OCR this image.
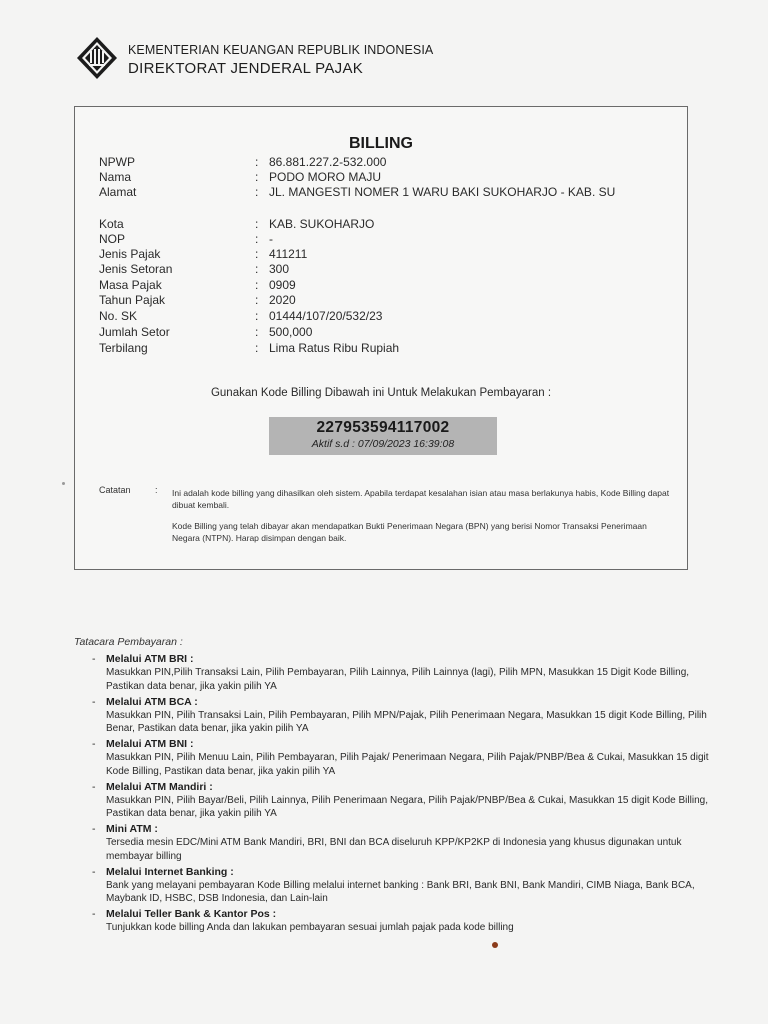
KEMENTERIAN KEUANGAN REPUBLIK INDONESIA
DIREKTORAT JENDERAL PAJAK
BILLING
NPWP	: 86.881.227.2-532.000
Nama	: PODO MORO MAJU
Alamat	: JL. MANGESTI NOMER 1 WARU BAKI SUKOHARJO - KAB. SU
Kota	: KAB. SUKOHARJO
NOP	: -
Jenis Pajak	: 411211
Jenis Setoran	: 300
Masa Pajak	: 0909
Tahun Pajak	: 2020
No. SK	: 01444/107/20/532/23
Jumlah Setor	: 500,000
Terbilang	: Lima Ratus Ribu Rupiah
Gunakan Kode Billing Dibawah ini Untuk Melakukan Pembayaran :
227953594117002
Aktif s.d : 07/09/2023 16:39:08
Catatan	: Ini adalah kode billing yang dihasilkan oleh sistem. Apabila terdapat kesalahan isian atau masa berlakunya habis, Kode Billing dapat dibuat kembali.
Kode Billing yang telah dibayar akan mendapatkan Bukti Penerimaan Negara (BPN) yang berisi Nomor Transaksi Penerimaan Negara (NTPN). Harap disimpan dengan baik.
Tatacara Pembayaran :
- Melalui ATM BRI :
Masukkan PIN,Pilih Transaksi Lain, Pilih Pembayaran, Pilih Lainnya, Pilih Lainnya (lagi), Pilih MPN, Masukkan 15 Digit Kode Billing, Pastikan data benar, jika yakin pilih YA
- Melalui ATM BCA :
Masukkan PIN, Pilih Transaksi Lain, Pilih Pembayaran, Pilih MPN/Pajak, Pilih Penerimaan Negara, Masukkan 15 digit Kode Billing, Pilih Benar, Pastikan data benar, jika yakin pilih YA
- Melalui ATM BNI :
Masukkan PIN, Pilih Menuu Lain, Pilih Pembayaran, Pilih Pajak/ Penerimaan Negara, Pilih Pajak/PNBP/Bea & Cukai, Masukkan 15 digit Kode Billing, Pastikan data benar, jika yakin pilih YA
- Melalui ATM Mandiri :
Masukkan PIN, Pilih Bayar/Beli, Pilih Lainnya, Pilih Penerimaan Negara, Pilih Pajak/PNBP/Bea & Cukai, Masukkan 15 digit Kode Billing, Pastikan data benar, jika yakin pilih YA
- Mini ATM :
Tersedia mesin EDC/Mini ATM Bank Mandiri, BRI, BNI dan BCA diseluruh KPP/KP2KP di Indonesia yang khusus digunakan untuk membayar billing
- Melalui Internet Banking :
Bank yang melayani pembayaran Kode Billing melalui internet banking : Bank BRI, Bank BNI, Bank Mandiri, CIMB Niaga, Bank BCA, Maybank ID, HSBC, DSB Indonesia, dan Lain-lain
- Melalui Teller Bank & Kantor Pos :
Tunjukkan kode billing Anda dan lakukan pembayaran sesuai jumlah pajak pada kode billing
